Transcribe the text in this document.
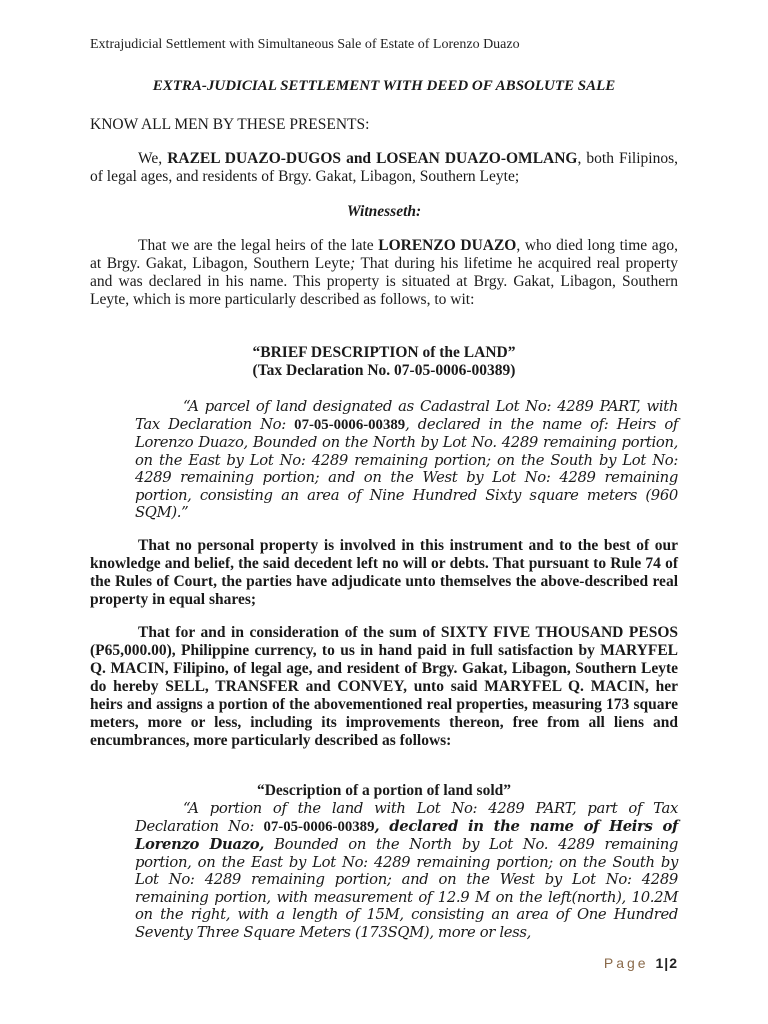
Extrajudicial Settlement with Simultaneous Sale of Estate of Lorenzo Duazo
EXTRA-JUDICIAL SETTLEMENT WITH DEED OF ABSOLUTE SALE
KNOW ALL MEN BY THESE PRESENTS:
We, RAZEL DUAZO-DUGOS and LOSEAN DUAZO-OMLANG, both Filipinos, of legal ages, and residents of Brgy. Gakat, Libagon, Southern Leyte;
Witnesseth:
That we are the legal heirs of the late LORENZO DUAZO, who died long time ago, at Brgy. Gakat, Libagon, Southern Leyte; That during his lifetime he acquired real property and was declared in his name. This property is situated at Brgy. Gakat, Libagon, Southern Leyte, which is more particularly described as follows, to wit:
“BRIEF DESCRIPTION of the LAND”
(Tax Declaration No. 07-05-0006-00389)
“A parcel of land designated as Cadastral Lot No: 4289 PART, with Tax Declaration No: 07-05-0006-00389, declared in the name of: Heirs of Lorenzo Duazo, Bounded on the North by Lot No. 4289 remaining portion, on the East by Lot No: 4289 remaining portion; on the South by Lot No: 4289 remaining portion; and on the West by Lot No: 4289 remaining portion, consisting an area of Nine Hundred Sixty square meters (960 SQM).”
That no personal property is involved in this instrument and to the best of our knowledge and belief, the said decedent left no will or debts. That pursuant to Rule 74 of the Rules of Court, the parties have adjudicate unto themselves the above-described real property in equal shares;
That for and in consideration of the sum of SIXTY FIVE THOUSAND PESOS (P65,000.00), Philippine currency, to us in hand paid in full satisfaction by MARYFEL Q. MACIN, Filipino, of legal age, and resident of Brgy. Gakat, Libagon, Southern Leyte do hereby SELL, TRANSFER and CONVEY, unto said MARYFEL Q. MACIN, her heirs and assigns a portion of the abovementioned real properties, measuring 173 square meters, more or less, including its improvements thereon, free from all liens and encumbrances, more particularly described as follows:
“Description of a portion of land sold”
“A portion of the land with Lot No: 4289 PART, part of Tax Declaration No: 07-05-0006-00389, declared in the name of Heirs of Lorenzo Duazo, Bounded on the North by Lot No. 4289 remaining portion, on the East by Lot No: 4289 remaining portion; on the South by Lot No: 4289 remaining portion; and on the West by Lot No: 4289 remaining portion, with measurement of 12.9 M on the left(north), 10.2M on the right, with a length of 15M, consisting an area of One Hundred Seventy Three Square Meters (173SQM), more or less,
Page 1|2
